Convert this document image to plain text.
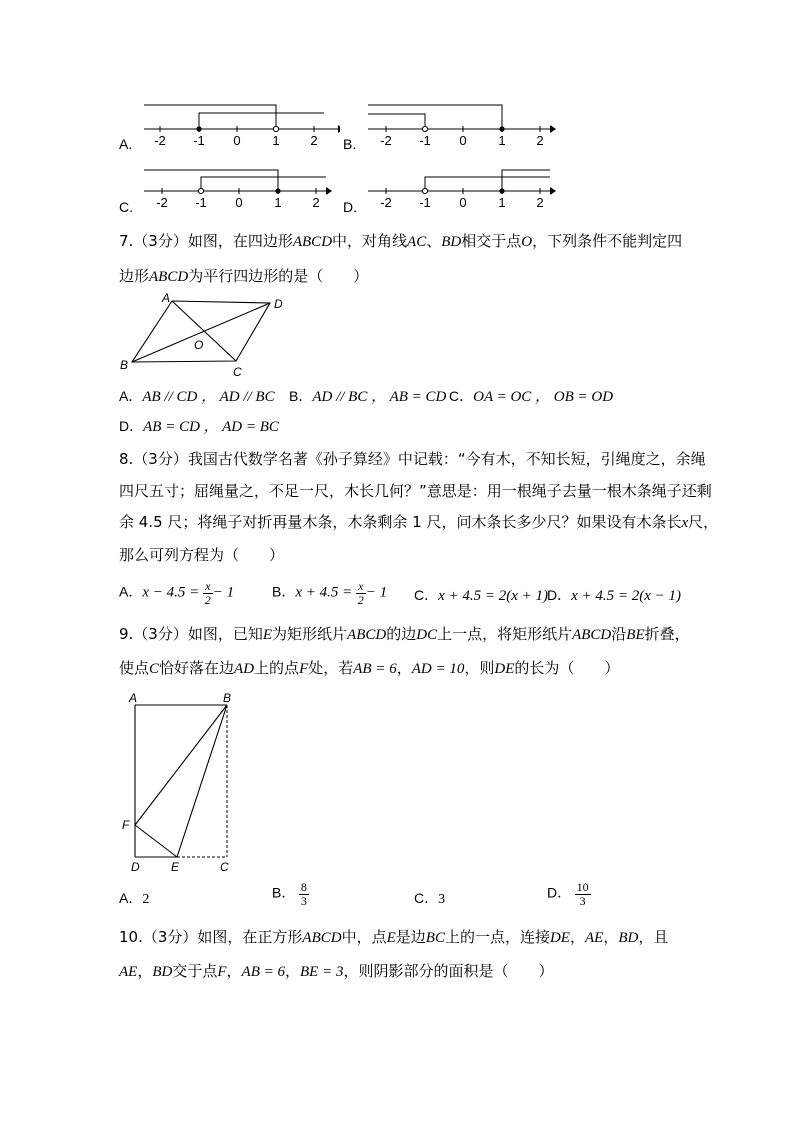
A. -2 -1 0 1 2 B. -2 -1 0 1 2
C. -2 -1 0 1 2 D. -2 -1 0 1 2
7.（3分）如图，在四边形ABCD中，对角线AC、BD相交于点O，下列条件不能判定四
边形ABCD为平行四边形的是（　　）
A	D
B	C
O
A．AB // CD ， AD // BC B．AD // BC ， AB = CD C．OA = OC ， OB = OD
D．AB = CD ， AD = BC
8.（3分）我国古代数学名著《孙子算经》中记载：“今有木，不知长短，引绳度之，余绳
四尺五寸；屈绳量之，不足一尺，木长几何？”意思是：用一根绳子去量一根木条绳子还剩
余 4.5 尺；将绳子对折再量木条，木条剩余 1 尺，问木条长多少尺？如果设有木条长x尺，
那么可列方程为（　　）
A．$x - 4.5 = \frac{x}{2} - 1$	B．$x + 4.5 = \frac{x}{2} - 1$ C．x + 4.5 = 2(x + 1)
D．x + 4.5 = 2(x − 1)
9.（3分）如图，已知E为矩形纸片ABCD的边DC上一点，将矩形纸片ABCD沿BE折叠，
使点C恰好落在边AD上的点F处，若AB = 6，AD = 10，则DE的长为（　　）
A	B
F
D	E	C
A．2	B． $\frac{8}{3}$	C．3	D． $\frac{10}{3}$
10.（3分）如图，在正方形ABCD中，点E是边BC上的一点，连接DE，AE，BD，且
AE，BD交于点F，AB = 6，BE = 3，则阴影部分的面积是（　　）
